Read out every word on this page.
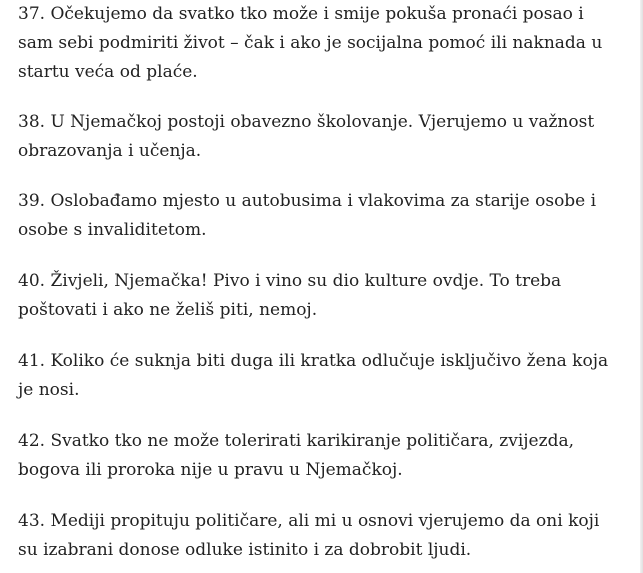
37. Očekujemo da svatko tko može i smije pokuša pronaći posao i
sam sebi podmiriti život – čak i ako je socijalna pomoć ili naknada u
startu veća od plaće.

38. U Njemačkoj postoji obavezno školovanje. Vjerujemo u važnost
obrazovanja i učenja.

39. Oslobađamo mjesto u autobusima i vlakovima za starije osobe i
osobe s invaliditetom.

40. Živjeli, Njemačka! Pivo i vino su dio kulture ovdje. To treba
poštovati i ako ne želiš piti, nemoj.

41. Koliko će suknja biti duga ili kratka odlučuje isključivo žena koja
je nosi.

42. Svatko tko ne može tolerirati karikiranje političara, zvijezda,
bogova ili proroka nije u pravu u Njemačkoj.

43. Mediji propituju političare, ali mi u osnovi vjerujemo da oni koji
su izabrani donose odluke istinito i za dobrobit ljudi.
